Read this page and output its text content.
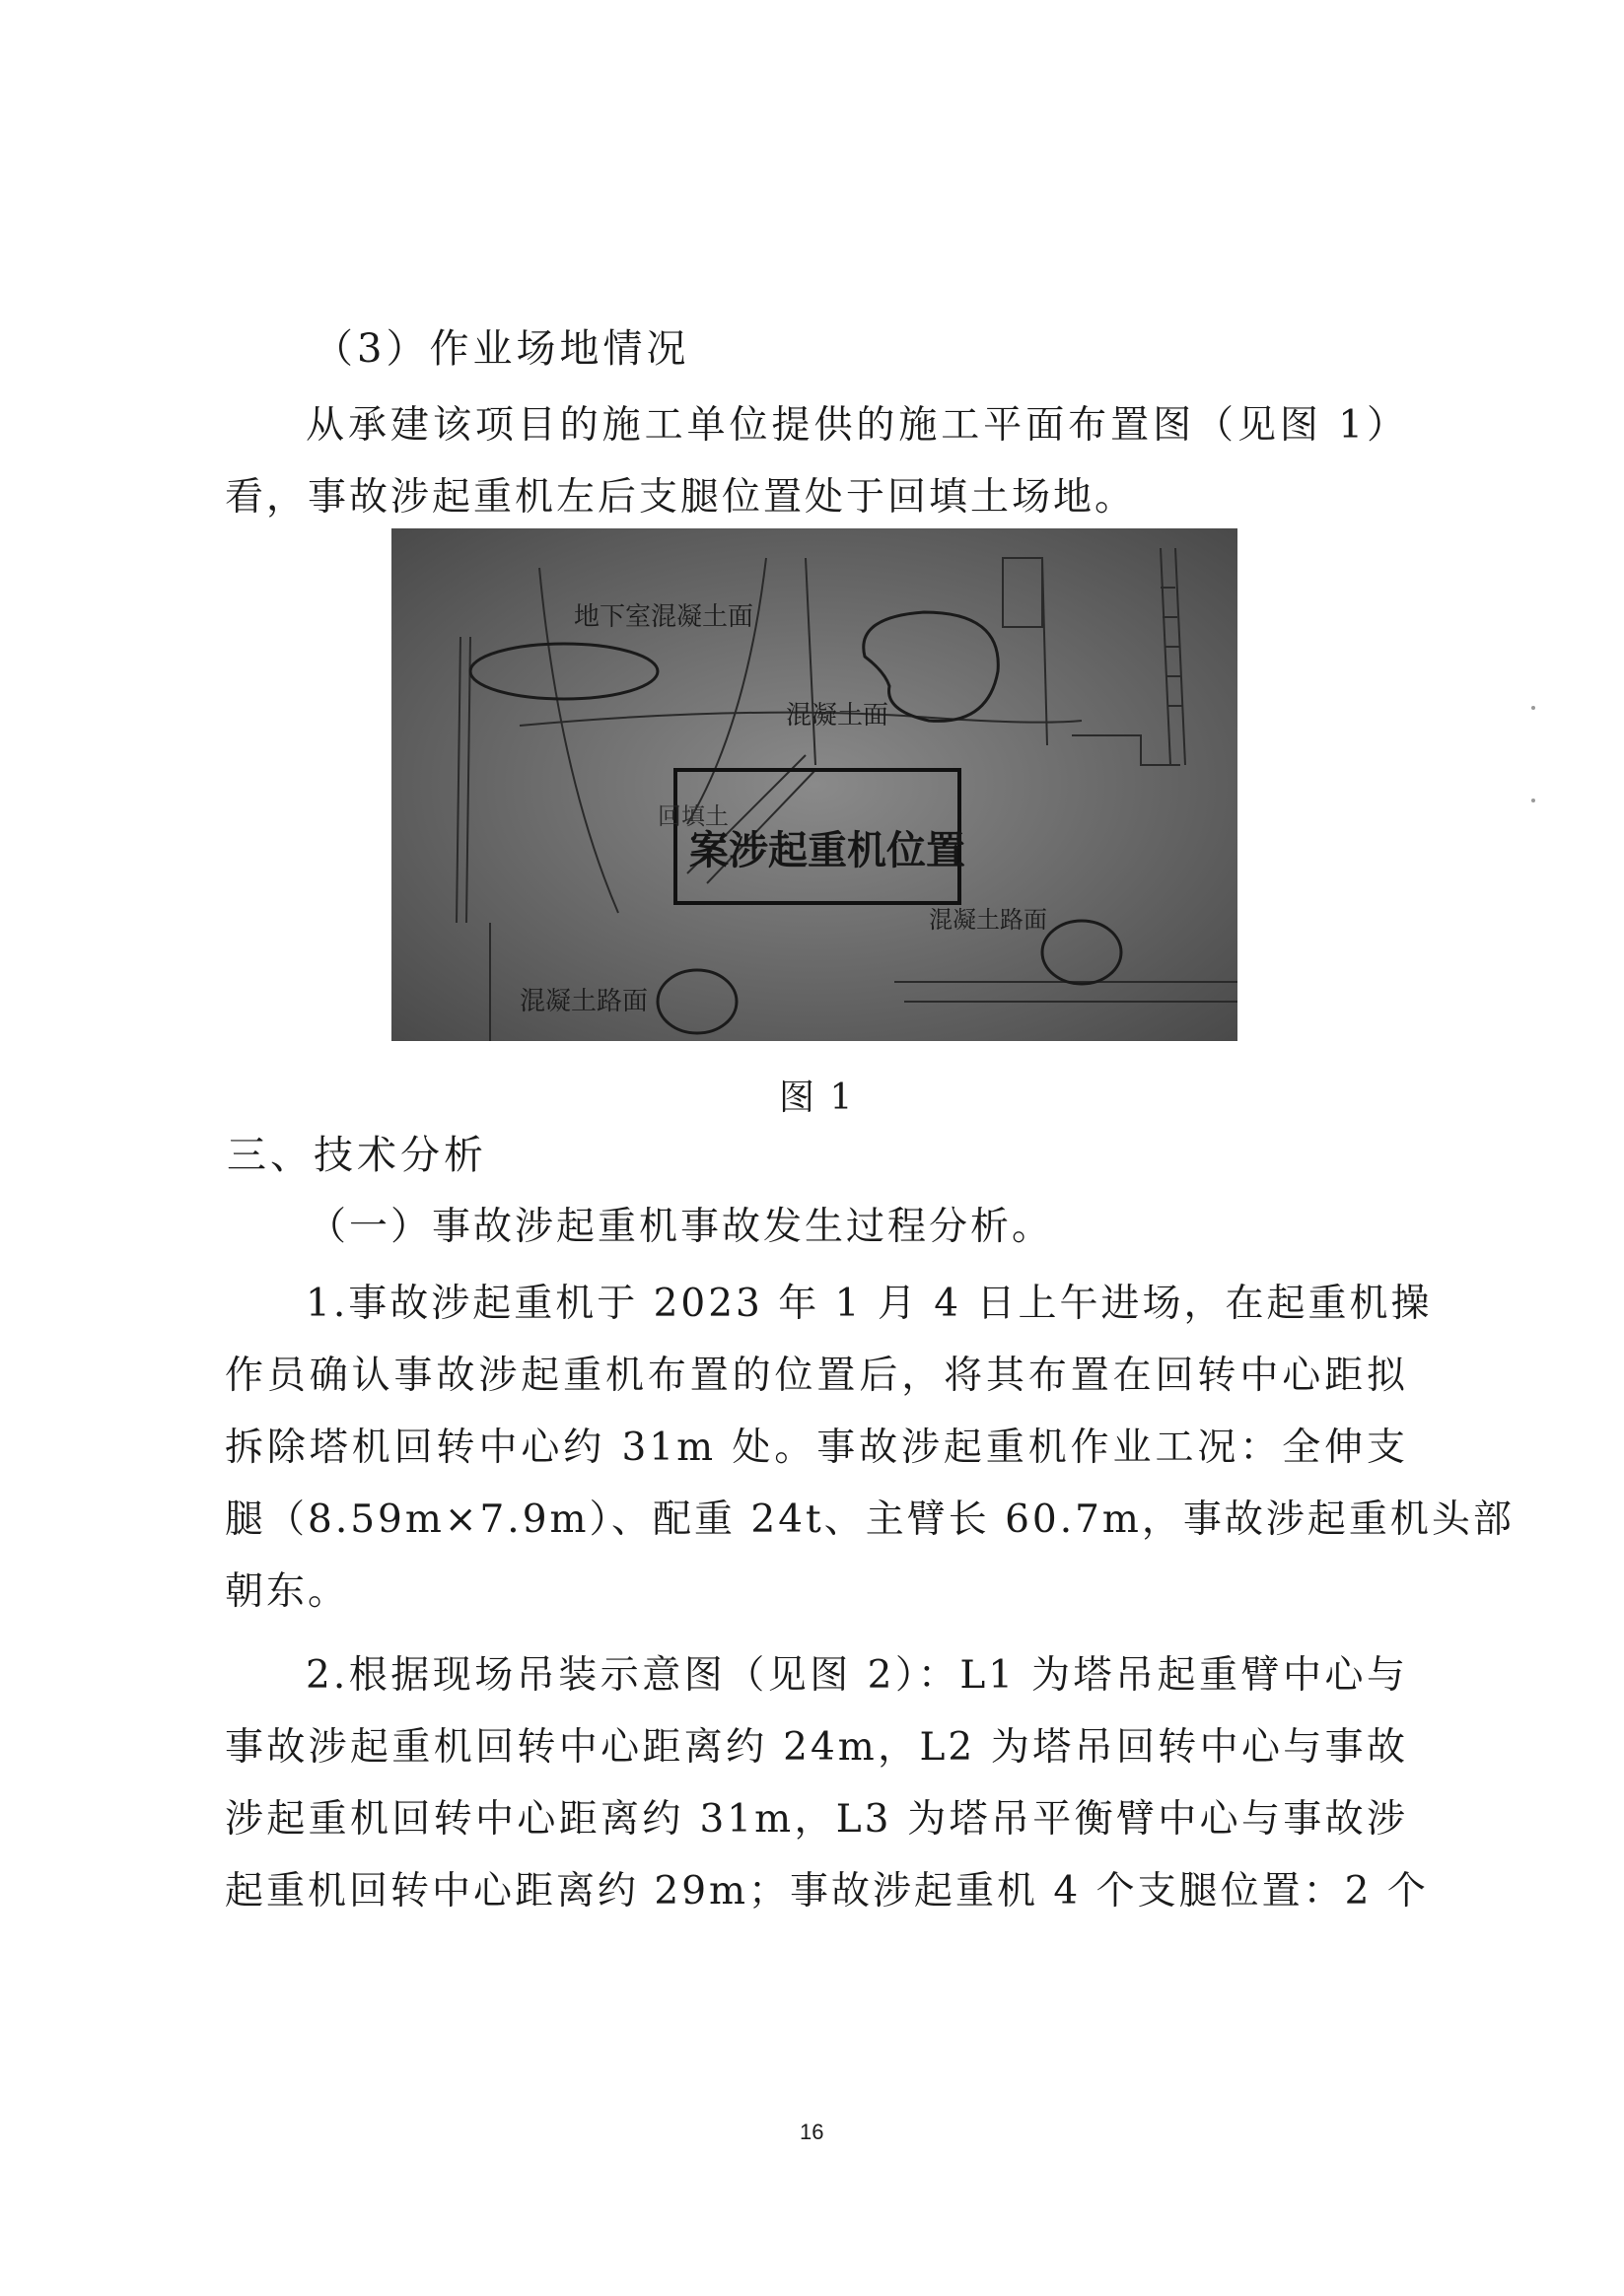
（3）作业场地情况
从承建该项目的施工单位提供的施工平面布置图（见图 1）
看，事故涉起重机左后支腿位置处于回填土场地。
地下室混凝土面
混凝土面
回填土
案涉起重机位置
混凝土路面
混凝土路面
图 1
三、技术分析
（一）事故涉起重机事故发生过程分析。
1.事故涉起重机于 2023 年 1 月 4 日上午进场，在起重机操
作员确认事故涉起重机布置的位置后，将其布置在回转中心距拟
拆除塔机回转中心约 31m 处。事故涉起重机作业工况：全伸支
腿（8.59m×7.9m）、配重 24t、主臂长 60.7m，事故涉起重机头部
朝东。
2.根据现场吊装示意图（见图 2）：L1 为塔吊起重臂中心与
事故涉起重机回转中心距离约 24m，L2 为塔吊回转中心与事故
涉起重机回转中心距离约 31m，L3 为塔吊平衡臂中心与事故涉
起重机回转中心距离约 29m；事故涉起重机 4 个支腿位置：2 个
16
